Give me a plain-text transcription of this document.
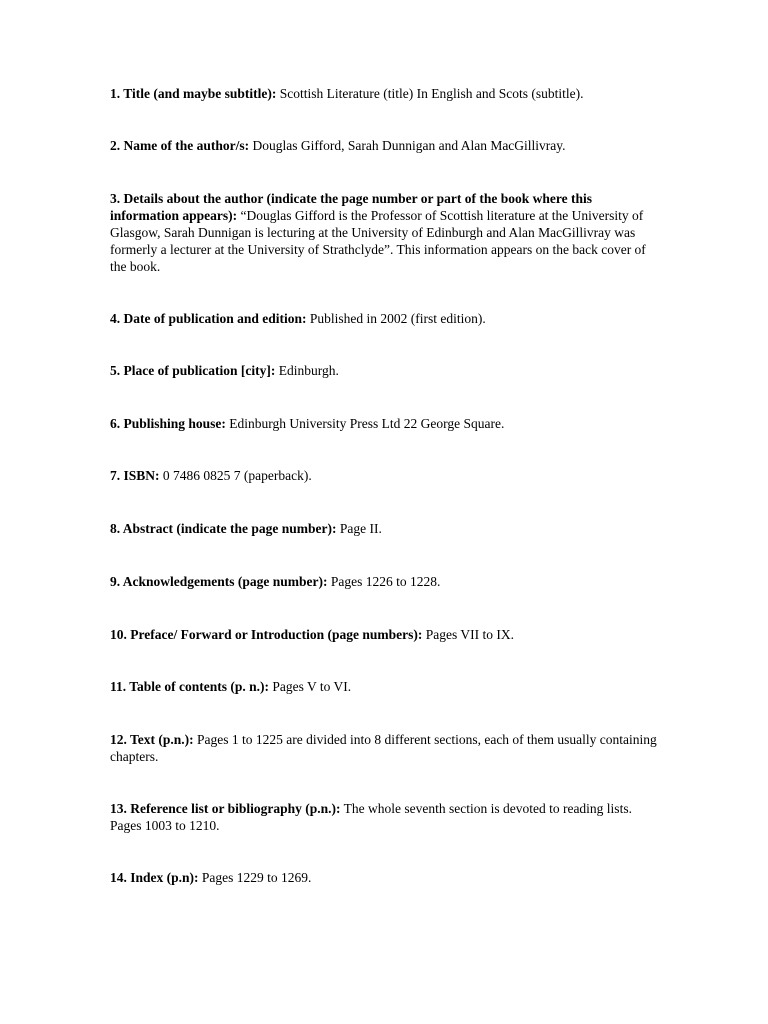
1. Title (and maybe subtitle): Scottish Literature (title) In English and Scots (subtitle).

2. Name of the author/s: Douglas Gifford, Sarah Dunnigan and Alan MacGillivray.

3. Details about the author (indicate the page number or part of the book where this information appears): “Douglas Gifford is the Professor of Scottish literature at the University of Glasgow, Sarah Dunnigan is lecturing at the University of Edinburgh and Alan MacGillivray was formerly a lecturer at the University of Strathclyde”. This information appears on the back cover of the book.

4. Date of publication and edition: Published in 2002 (first edition).

5. Place of publication [city]: Edinburgh.

6. Publishing house: Edinburgh University Press Ltd 22 George Square.

7. ISBN: 0 7486 0825 7 (paperback).

8. Abstract (indicate the page number): Page II.

9. Acknowledgements (page number): Pages 1226 to 1228.

10. Preface/ Forward or Introduction (page numbers): Pages VII to IX.

11. Table of contents (p. n.): Pages V to VI.

12. Text (p.n.): Pages 1 to 1225 are divided into 8 different sections, each of them usually containing chapters.

13. Reference list or bibliography (p.n.): The whole seventh section is devoted to reading lists. Pages 1003 to 1210.

14. Index (p.n): Pages 1229 to 1269.
